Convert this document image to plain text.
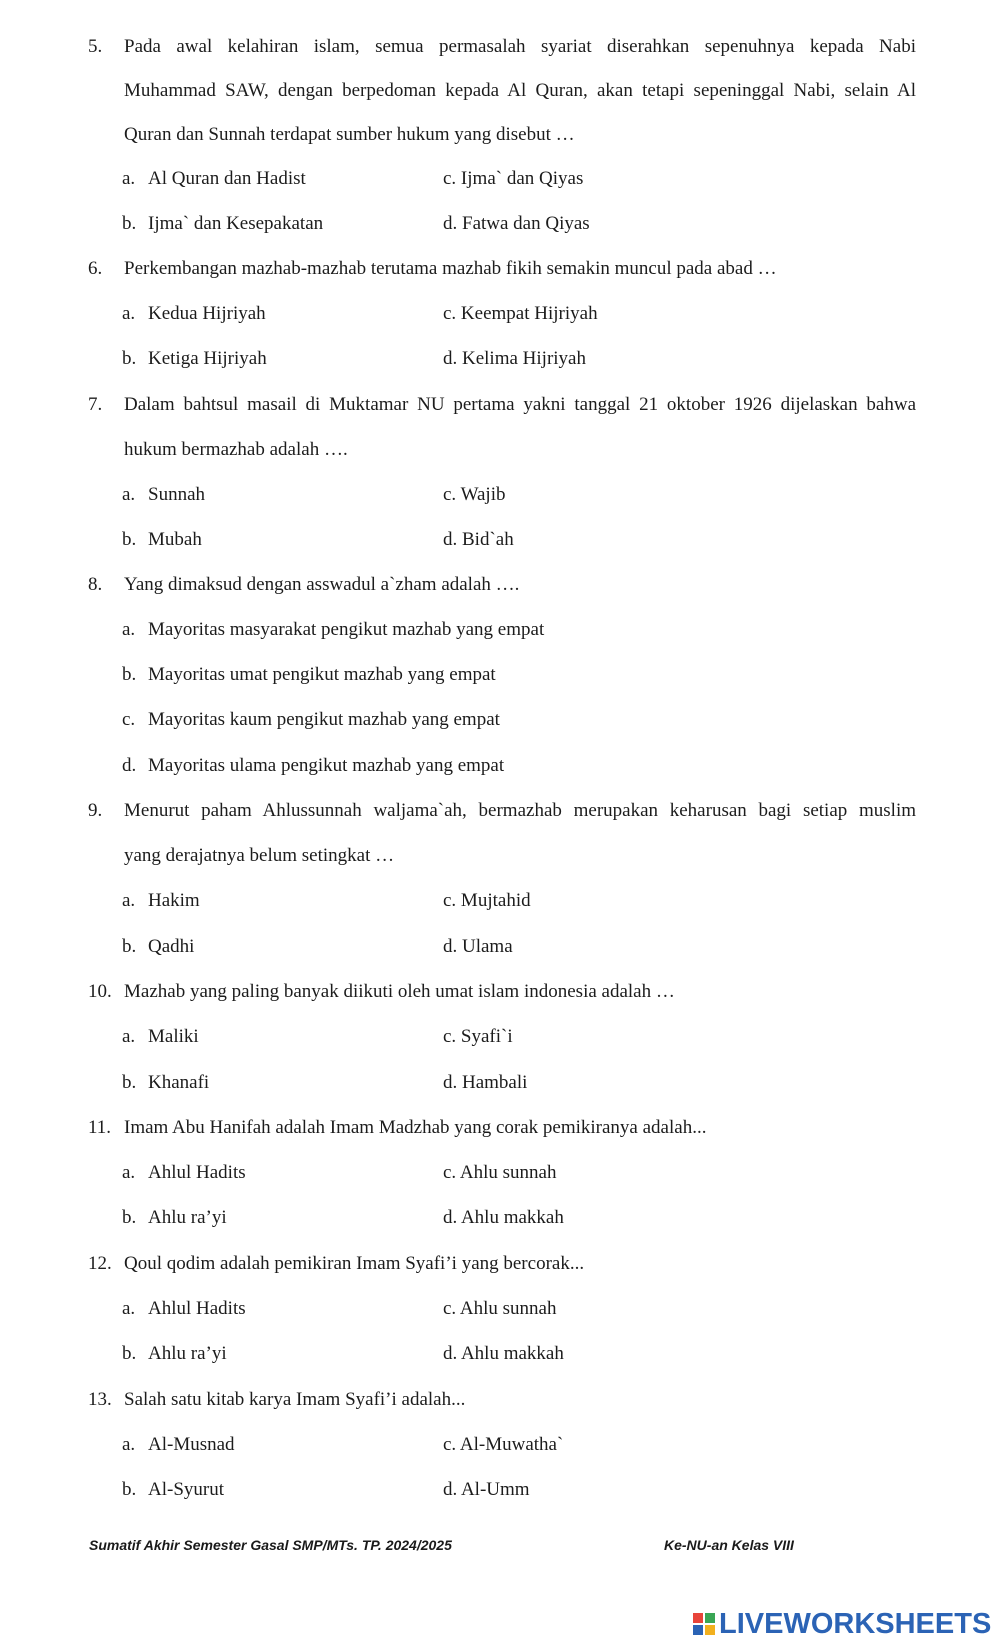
5. Pada awal kelahiran islam, semua permasalah syariat diserahkan sepenuhnya kepada Nabi
Muhammad SAW, dengan berpedoman kepada Al Quran, akan tetapi sepeninggal Nabi, selain Al
Quran dan Sunnah terdapat sumber hukum yang disebut …
a. Al Quran dan Hadist	c. Ijma` dan Qiyas
b. Ijma` dan Kesepakatan	d. Fatwa dan Qiyas
6. Perkembangan mazhab-mazhab terutama mazhab fikih semakin muncul pada abad …
a. Kedua Hijriyah	c. Keempat Hijriyah
b. Ketiga Hijriyah	d. Kelima Hijriyah
7. Dalam bahtsul masail di Muktamar NU pertama yakni tanggal 21 oktober 1926 dijelaskan bahwa
hukum bermazhab adalah ….
a. Sunnah	c. Wajib
b. Mubah	d. Bid`ah
8. Yang dimaksud dengan asswadul a`zham adalah ….
a. Mayoritas masyarakat pengikut mazhab yang empat
b. Mayoritas umat pengikut mazhab yang empat
c. Mayoritas kaum pengikut mazhab yang empat
d. Mayoritas ulama pengikut mazhab yang empat
9. Menurut paham Ahlussunnah waljama`ah, bermazhab merupakan keharusan bagi setiap muslim
yang derajatnya belum setingkat …
a. Hakim	c. Mujtahid
b. Qadhi	d. Ulama
10. Mazhab yang paling banyak diikuti oleh umat islam indonesia adalah …
a. Maliki	c. Syafi`i
b. Khanafi	d. Hambali
11. Imam Abu Hanifah adalah Imam Madzhab yang corak pemikiranya adalah...
a. Ahlul Hadits	c. Ahlu sunnah
b. Ahlu ra’yi	d. Ahlu makkah
12. Qoul qodim adalah pemikiran Imam Syafi’i yang bercorak...
a. Ahlul Hadits	c. Ahlu sunnah
b. Ahlu ra’yi	d. Ahlu makkah
13. Salah satu kitab karya Imam Syafi’i adalah...
a. Al-Musnad	c. Al-Muwatha`
b. Al-Syurut	d. Al-Umm
Sumatif Akhir Semester Gasal SMP/MTs. TP. 2024/2025	Ke-NU-an Kelas VIII
LIVEWORKSHEETS
